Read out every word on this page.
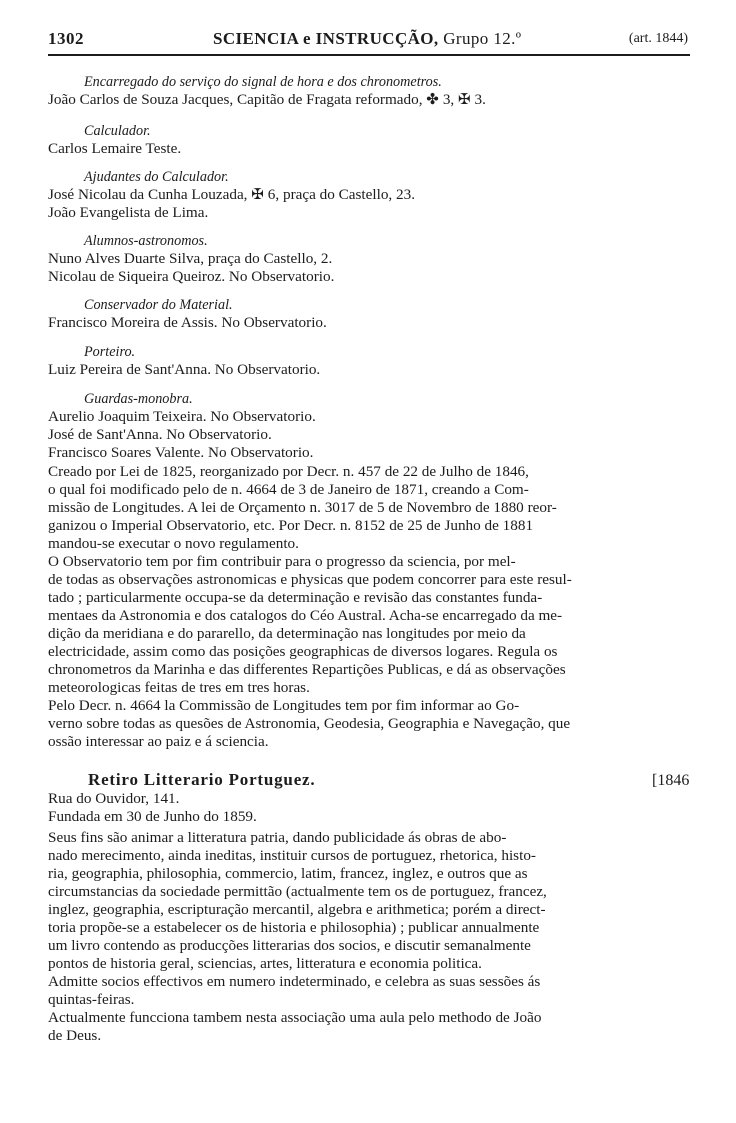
1302	SCIENCIA e INSTRUCÇÃO, Grupo 12.º	(art. 1844)
Encarregado do serviço do signal de hora e dos chronometros.
João Carlos de Souza Jacques, Capitão de Fragata reformado, ✤ 3, ✠ 3.
Calculador.
Carlos Lemaire Teste.
Ajudantes do Calculador.
José Nicolau da Cunha Louzada, ✠ 6, praça do Castello, 23.
João Evangelista de Lima.
Alumnos-astronomos.
Nuno Alves Duarte Silva, praça do Castello, 2.
Nicolau de Siqueira Queiroz. No Observatorio.
Conservador do Material.
Francisco Moreira de Assis. No Observatorio.
Porteiro.
Luiz Pereira de Sant'Anna. No Observatorio.
Guardas-monobra.
Aurelio Joaquim Teixeira. No Observatorio.
José de Sant'Anna. No Observatorio.
Francisco Soares Valente. No Observatorio.
Creado por Lei de 1825, reorganizado por Decr. n. 457 de 22 de Julho de 1846,
o qual foi modificado pelo de n. 4664 de 3 de Janeiro de 1871, creando a Com-
missão de Longitudes. A lei de Orçamento n. 3017 de 5 de Novembro de 1880 reor-
ganizou o Imperial Observatorio, etc. Por Decr. n. 8152 de 25 de Junho de 1881
mandou-se executar o novo regulamento.
O Observatorio tem por fim contribuir para o progresso da sciencia, por mel-
de todas as observações astronomicas e physicas que podem concorrer para este resul-
tado ; particularmente occupa-se da determinação e revisão das constantes funda-
mentaes da Astronomia e dos catalogos do Céo Austral. Acha-se encarregado da me-
dição da meridiana e do pararello, da determinação nas longitudes por meio da
electricidade, assim como das posições geographicas de diversos logares. Regula os
chronometros da Marinha e das differentes Repartições Publicas, e dá as observações
meteorologicas feitas de tres em tres horas.
Pelo Decr. n. 4664 la Commissão de Longitudes tem por fim informar ao Go-
verno sobre todas as quesões de Astronomia, Geodesia, Geographia e Navegação, que
ossão interessar ao paiz e á sciencia.
Retiro Litterario Portuguez.	[1846
Rua do Ouvidor, 141.
Fundada em 30 de Junho do 1859.
Seus fins são animar a litteratura patria, dando publicidade ás obras de abo-
nado merecimento, ainda ineditas, instituir cursos de portuguez, rhetorica, histo-
ria, geographia, philosophia, commercio, latim, francez, inglez, e outros que as
circumstancias da sociedade permittão (actualmente tem os de portuguez, francez,
inglez, geographia, escripturação mercantil, algebra e arithmetica; porém a direct-
toria propõe-se a estabelecer os de historia e philosophia) ; publicar annualmente
um livro contendo as producções litterarias dos socios, e discutir semanalmente
pontos de historia geral, sciencias, artes, litteratura e economia politica.
Admitte socios effectivos em numero indeterminado, e celebra as suas sessões ás
quintas-feiras.
Actualmente funcciona tambem nesta associação uma aula pelo methodo de João
de Deus.
